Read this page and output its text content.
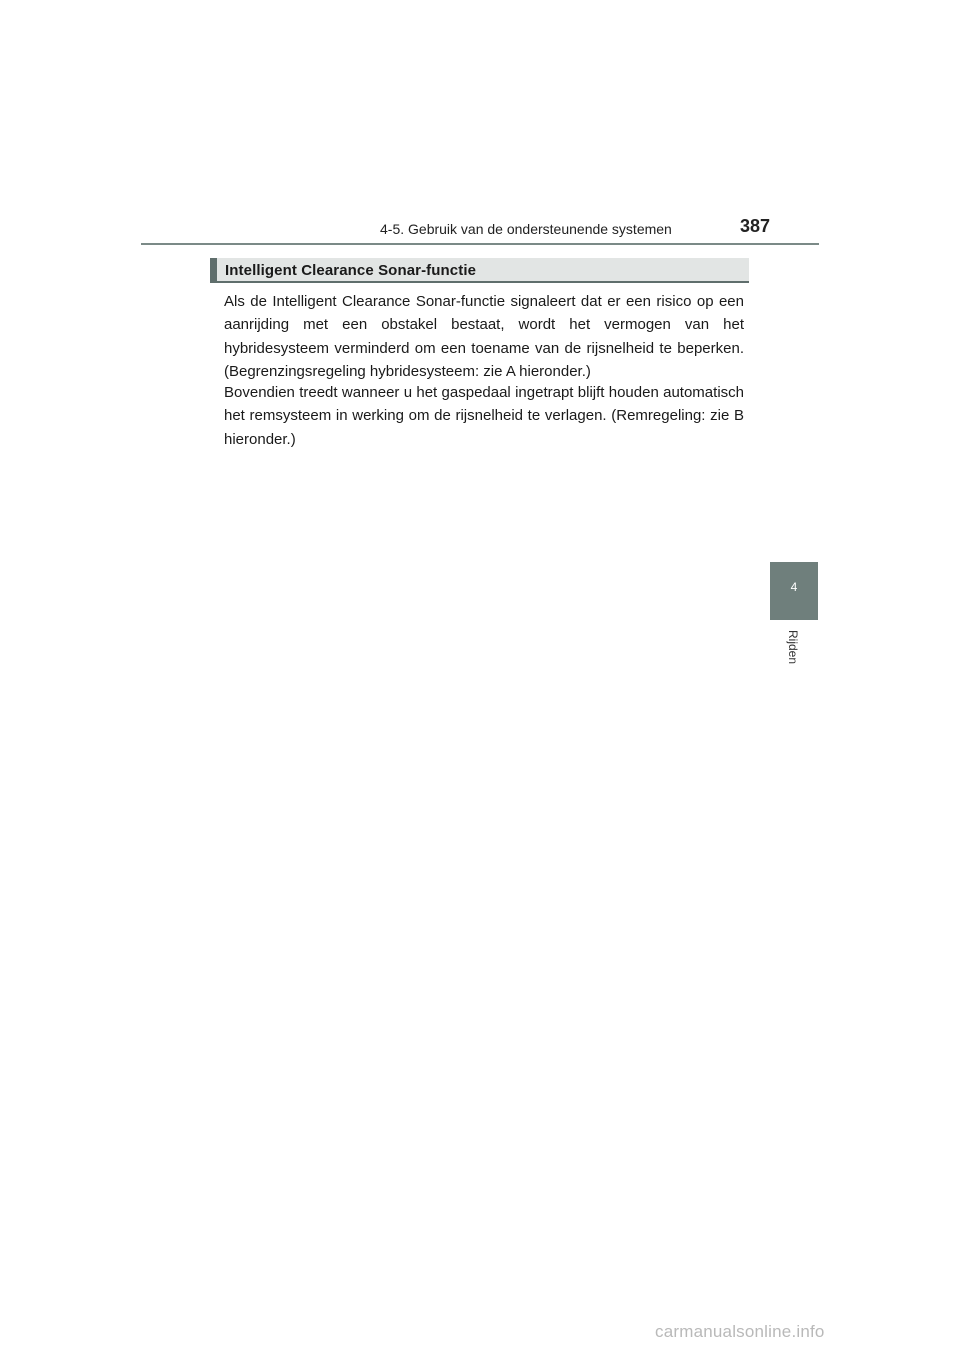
4-5. Gebruik van de ondersteunende systemen	387
Intelligent Clearance Sonar-functie

Als de Intelligent Clearance Sonar-functie signaleert dat er een risico op een aanrijding met een obstakel bestaat, wordt het vermogen van het hybridesysteem verminderd om een toename van de rijsnelheid te beperken. (Begrenzingsregeling hybridesysteem: zie A hieronder.)

Bovendien treedt wanneer u het gaspedaal ingetrapt blijft houden automatisch het remsysteem in werking om de rijsnelheid te verlagen. (Remregeling: zie B hieronder.)

4
Rijden
carmanualsonline.info
